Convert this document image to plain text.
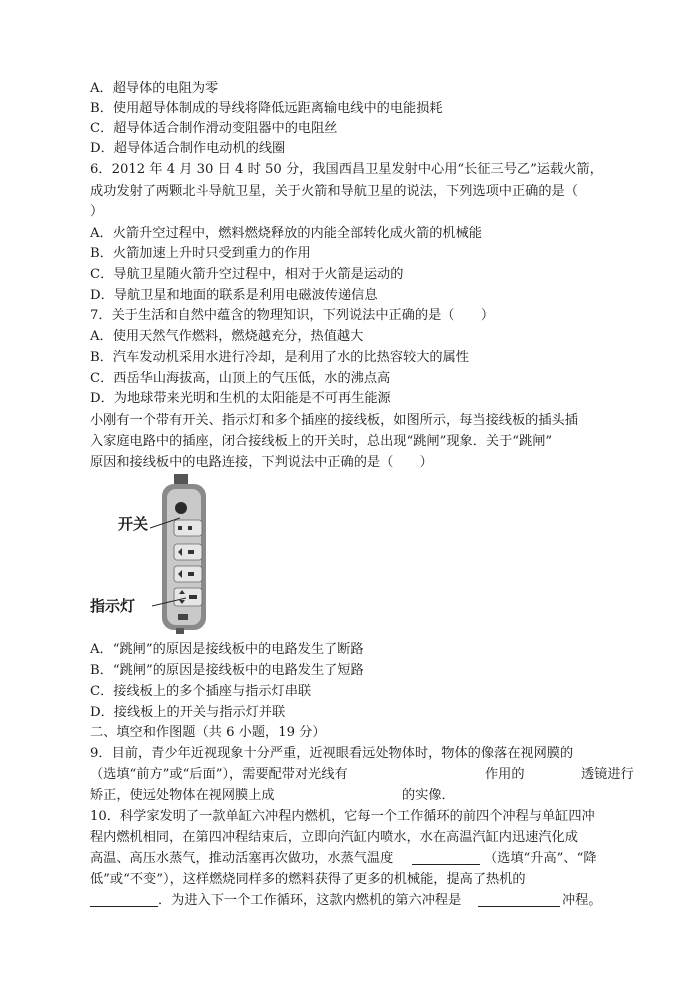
A．超导体的电阻为零
B．使用超导体制成的导线将降低远距离输电线中的电能损耗
C．超导体适合制作滑动变阻器中的电阻丝
D．超导体适合制作电动机的线圈
6．2012 年 4 月 30 日 4 时 50 分，我国西昌卫星发射中心用“长征三号乙”运载火箭，
成功发射了两颗北斗导航卫星，关于火箭和导航卫星的说法，下列选项中正确的是（
）
A．火箭升空过程中，燃料燃烧释放的内能全部转化成火箭的机械能
B．火箭加速上升时只受到重力的作用
C．导航卫星随火箭升空过程中，相对于火箭是运动的
D．导航卫星和地面的联系是利用电磁波传递信息
7．关于生活和自然中蕴含的物理知识，下列说法中正确的是（　　）
A．使用天然气作燃料，燃烧越充分，热值越大
B．汽车发动机采用水进行冷却，是利用了水的比热容较大的属性
C．西岳华山海拔高，山顶上的气压低，水的沸点高
D．为地球带来光明和生机的太阳能是不可再生能源
小刚有一个带有开关、指示灯和多个插座的接线板，如图所示，每当接线板的插头插
入家庭电路中的插座，闭合接线板上的开关时，总出现“跳闸”现象．关于“跳闸”
原因和接线板中的电路连接，下判说法中正确的是（　　）
开关
指示灯
A．“跳闸”的原因是接线板中的电路发生了断路
B．“跳闸”的原因是接线板中的电路发生了短路
C．接线板上的多个插座与指示灯串联
D．接线板上的开关与指示灯并联
二、填空和作图题（共 6 小题，19 分）
9．目前，青少年近视现象十分严重，近视眼看远处物体时，物体的像落在视网膜的
（选填“前方”或“后面”），需要配带对光线有	作用的	透镜进行
矫正，使远处物体在视网膜上成	的实像．
10．科学家发明了一款单缸六冲程内燃机，它每一个工作循环的前四个冲程与单缸四冲
程内燃机相同，在第四冲程结束后，立即向汽缸内喷水，水在高温汽缸内迅速汽化成
高温、高压水蒸气，推动活塞再次做功，水蒸气温度	（选填“升高”、“降
低”或“不变”），这样燃烧同样多的燃料获得了更多的机械能，提高了热机的
．为进入下一个工作循环，这款内燃机的第六冲程是	冲程。
